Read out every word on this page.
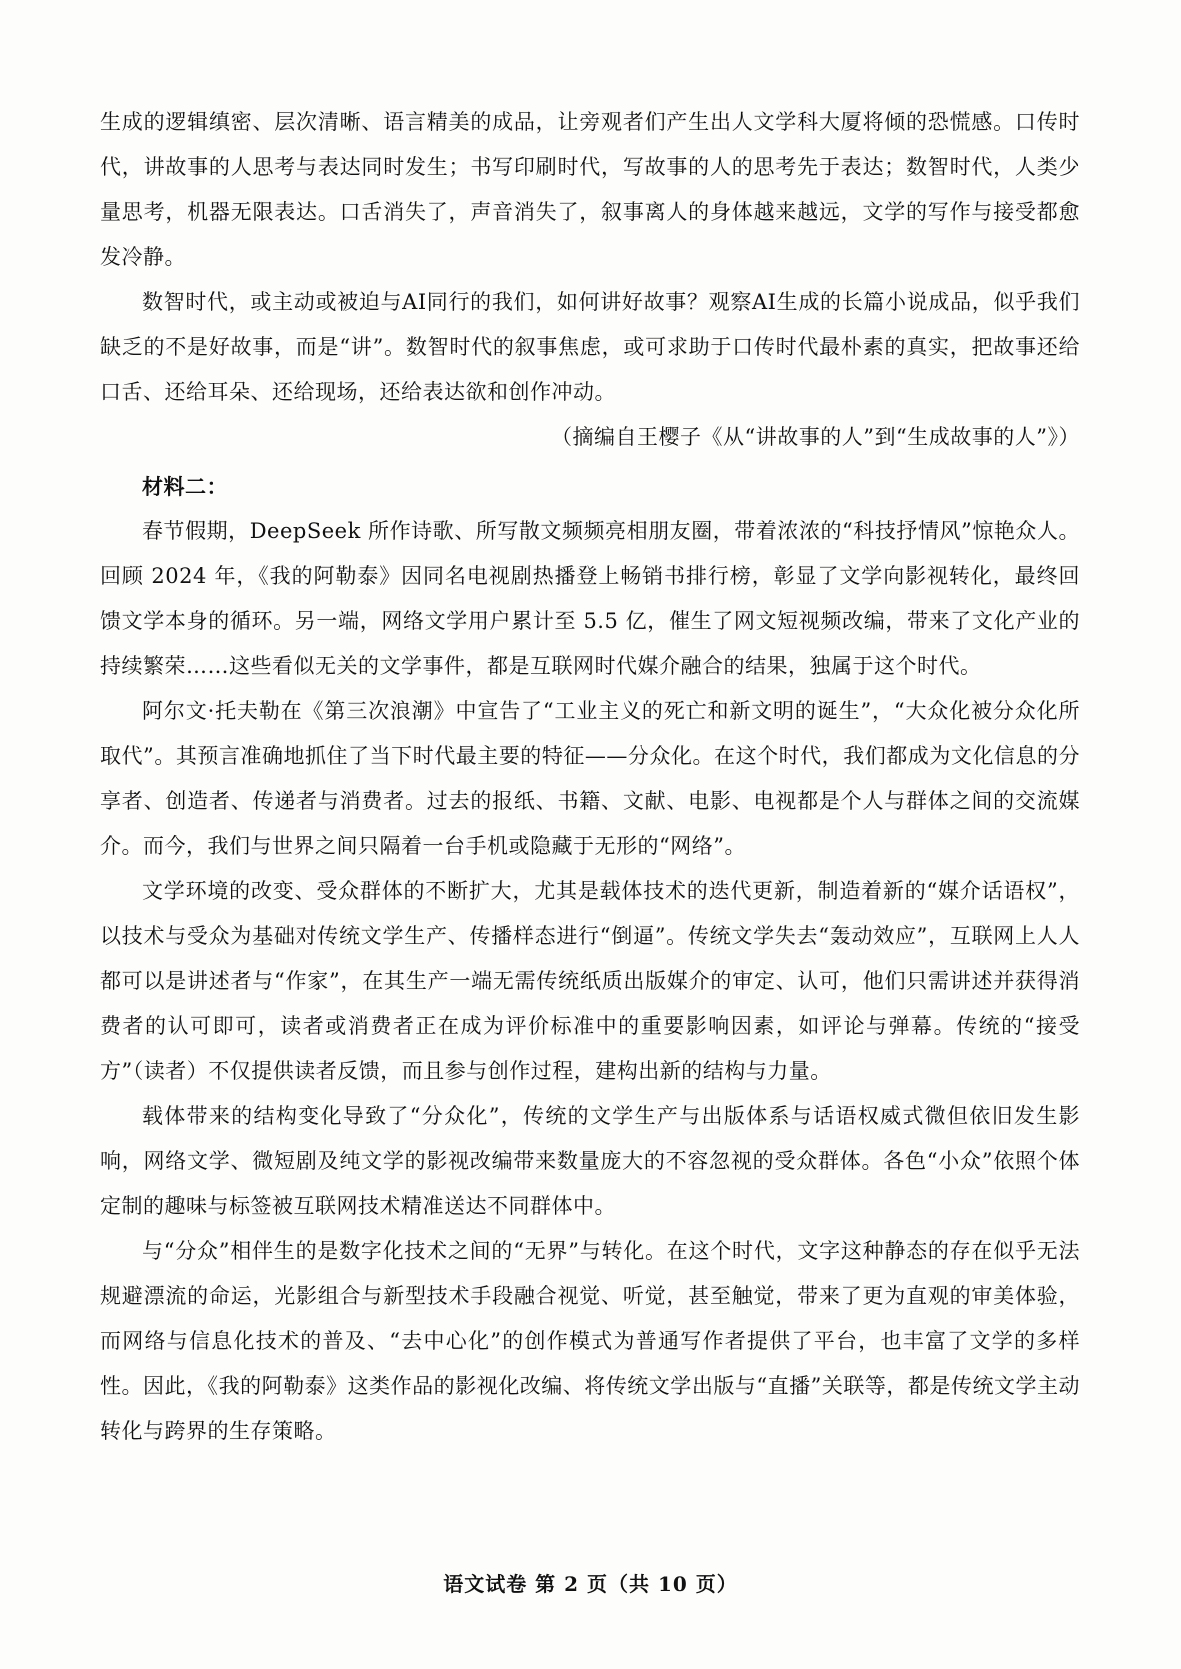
生成的逻辑缜密、层次清晰、语言精美的成品，让旁观者们产生出人文学科大厦将倾的恐慌感。口传时代，讲故事的人思考与表达同时发生；书写印刷时代，写故事的人的思考先于表达；数智时代，人类少量思考，机器无限表达。口舌消失了，声音消失了，叙事离人的身体越来越远，文学的写作与接受都愈发冷静。

数智时代，或主动或被迫与AI同行的我们，如何讲好故事？观察AI生成的长篇小说成品，似乎我们缺乏的不是好故事，而是“讲”。数智时代的叙事焦虑，或可求助于口传时代最朴素的真实，把故事还给口舌、还给耳朵、还给现场，还给表达欲和创作冲动。

（摘编自王樱子《从“讲故事的人”到“生成故事的人”》）

材料二：

春节假期，DeepSeek 所作诗歌、所写散文频频亮相朋友圈，带着浓浓的“科技抒情风”惊艳众人。回顾 2024 年，《我的阿勒泰》因同名电视剧热播登上畅销书排行榜，彰显了文学向影视转化，最终回馈文学本身的循环。另一端，网络文学用户累计至 5.5 亿，催生了网文短视频改编，带来了文化产业的持续繁荣……这些看似无关的文学事件，都是互联网时代媒介融合的结果，独属于这个时代。

阿尔文·托夫勒在《第三次浪潮》中宣告了“工业主义的死亡和新文明的诞生”，“大众化被分众化所取代”。其预言准确地抓住了当下时代最主要的特征——分众化。在这个时代，我们都成为文化信息的分享者、创造者、传递者与消费者。过去的报纸、书籍、文献、电影、电视都是个人与群体之间的交流媒介。而今，我们与世界之间只隔着一台手机或隐藏于无形的“网络”。

文学环境的改变、受众群体的不断扩大，尤其是载体技术的迭代更新，制造着新的“媒介话语权”，以技术与受众为基础对传统文学生产、传播样态进行“倒逼”。传统文学失去“轰动效应”，互联网上人人都可以是讲述者与“作家”，在其生产一端无需传统纸质出版媒介的审定、认可，他们只需讲述并获得消费者的认可即可，读者或消费者正在成为评价标准中的重要影响因素，如评论与弹幕。传统的“接受方”（读者）不仅提供读者反馈，而且参与创作过程，建构出新的结构与力量。

载体带来的结构变化导致了“分众化”，传统的文学生产与出版体系与话语权威式微但依旧发生影响，网络文学、微短剧及纯文学的影视改编带来数量庞大的不容忽视的受众群体。各色“小众”依照个体定制的趣味与标签被互联网技术精准送达不同群体中。

与“分众”相伴生的是数字化技术之间的“无界”与转化。在这个时代，文字这种静态的存在似乎无法规避漂流的命运，光影组合与新型技术手段融合视觉、听觉，甚至触觉，带来了更为直观的审美体验，而网络与信息化技术的普及、“去中心化”的创作模式为普通写作者提供了平台，也丰富了文学的多样性。因此，《我的阿勒泰》这类作品的影视化改编、将传统文学出版与“直播”关联等，都是传统文学主动转化与跨界的生存策略。

语文试卷 第 2 页（共 10 页）
